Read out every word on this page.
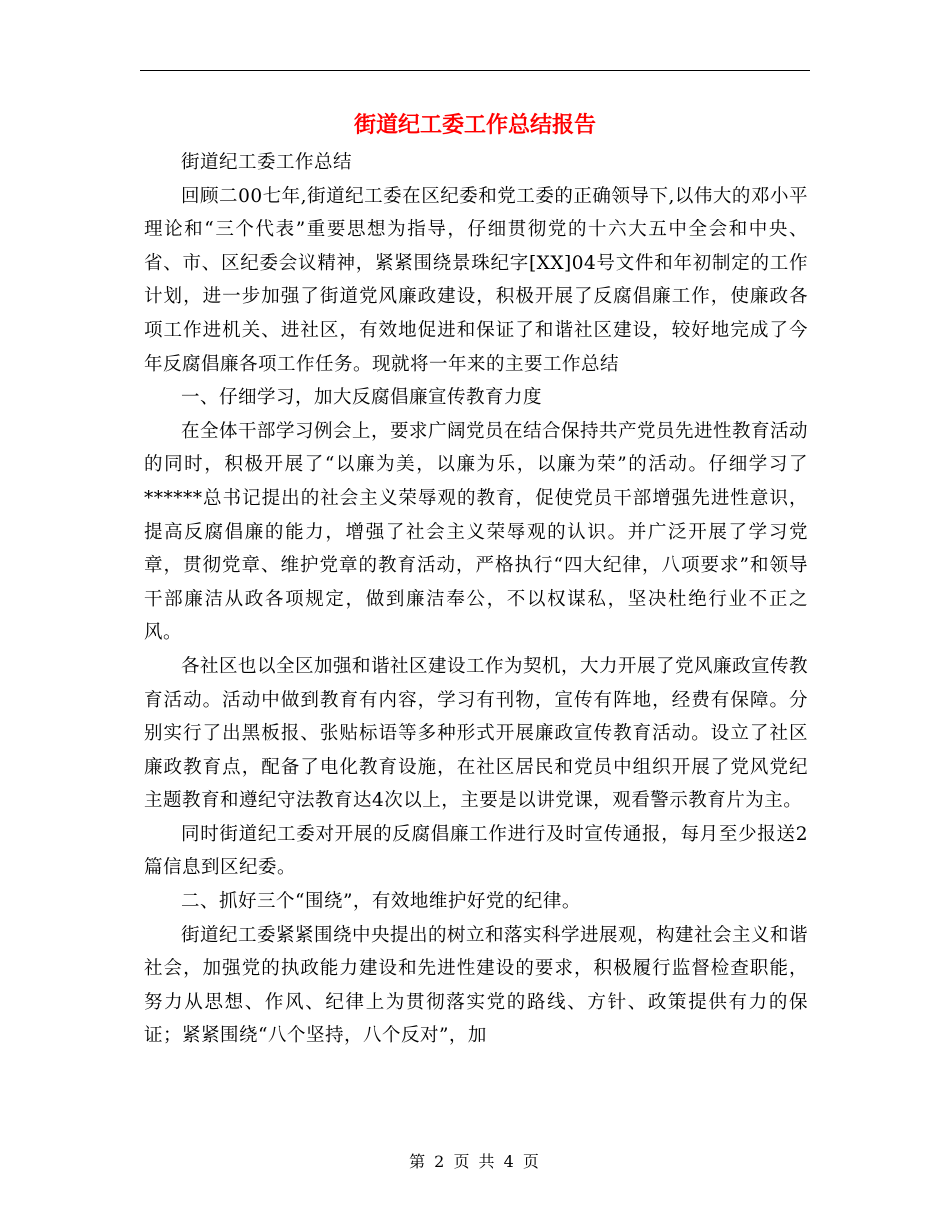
街道纪工委工作总结报告

街道纪工委工作总结

回顾二00七年,街道纪工委在区纪委和党工委的正确领导下,以伟大的邓小平理论和“三个代表”重要思想为指导，仔细贯彻党的十六大五中全会和中央、省、市、区纪委会议精神，紧紧围绕景珠纪字[XX]04号文件和年初制定的工作计划，进一步加强了街道党风廉政建设，积极开展了反腐倡廉工作，使廉政各项工作进机关、进社区，有效地促进和保证了和谐社区建设，较好地完成了今年反腐倡廉各项工作任务。现就将一年来的主要工作总结

一、仔细学习，加大反腐倡廉宣传教育力度

在全体干部学习例会上，要求广阔党员在结合保持共产党员先进性教育活动的同时，积极开展了“以廉为美，以廉为乐，以廉为荣”的活动。仔细学习了******总书记提出的社会主义荣辱观的教育，促使党员干部增强先进性意识，提高反腐倡廉的能力，增强了社会主义荣辱观的认识。并广泛开展了学习党章，贯彻党章、维护党章的教育活动，严格执行“四大纪律，八项要求”和领导干部廉洁从政各项规定，做到廉洁奉公，不以权谋私，坚决杜绝行业不正之风。

各社区也以全区加强和谐社区建设工作为契机，大力开展了党风廉政宣传教育活动。活动中做到教育有内容，学习有刊物，宣传有阵地，经费有保障。分别实行了出黑板报、张贴标语等多种形式开展廉政宣传教育活动。设立了社区廉政教育点，配备了电化教育设施，在社区居民和党员中组织开展了党风党纪主题教育和遵纪守法教育达4次以上，主要是以讲党课，观看警示教育片为主。

同时街道纪工委对开展的反腐倡廉工作进行及时宣传通报，每月至少报送2篇信息到区纪委。

二、抓好三个“围绕”，有效地维护好党的纪律。

街道纪工委紧紧围绕中央提出的树立和落实科学进展观，构建社会主义和谐社会，加强党的执政能力建设和先进性建设的要求，积极履行监督检查职能，努力从思想、作风、纪律上为贯彻落实党的路线、方针、政策提供有力的保证；紧紧围绕“八个坚持，八个反对”，加

第 2 页 共 4 页
